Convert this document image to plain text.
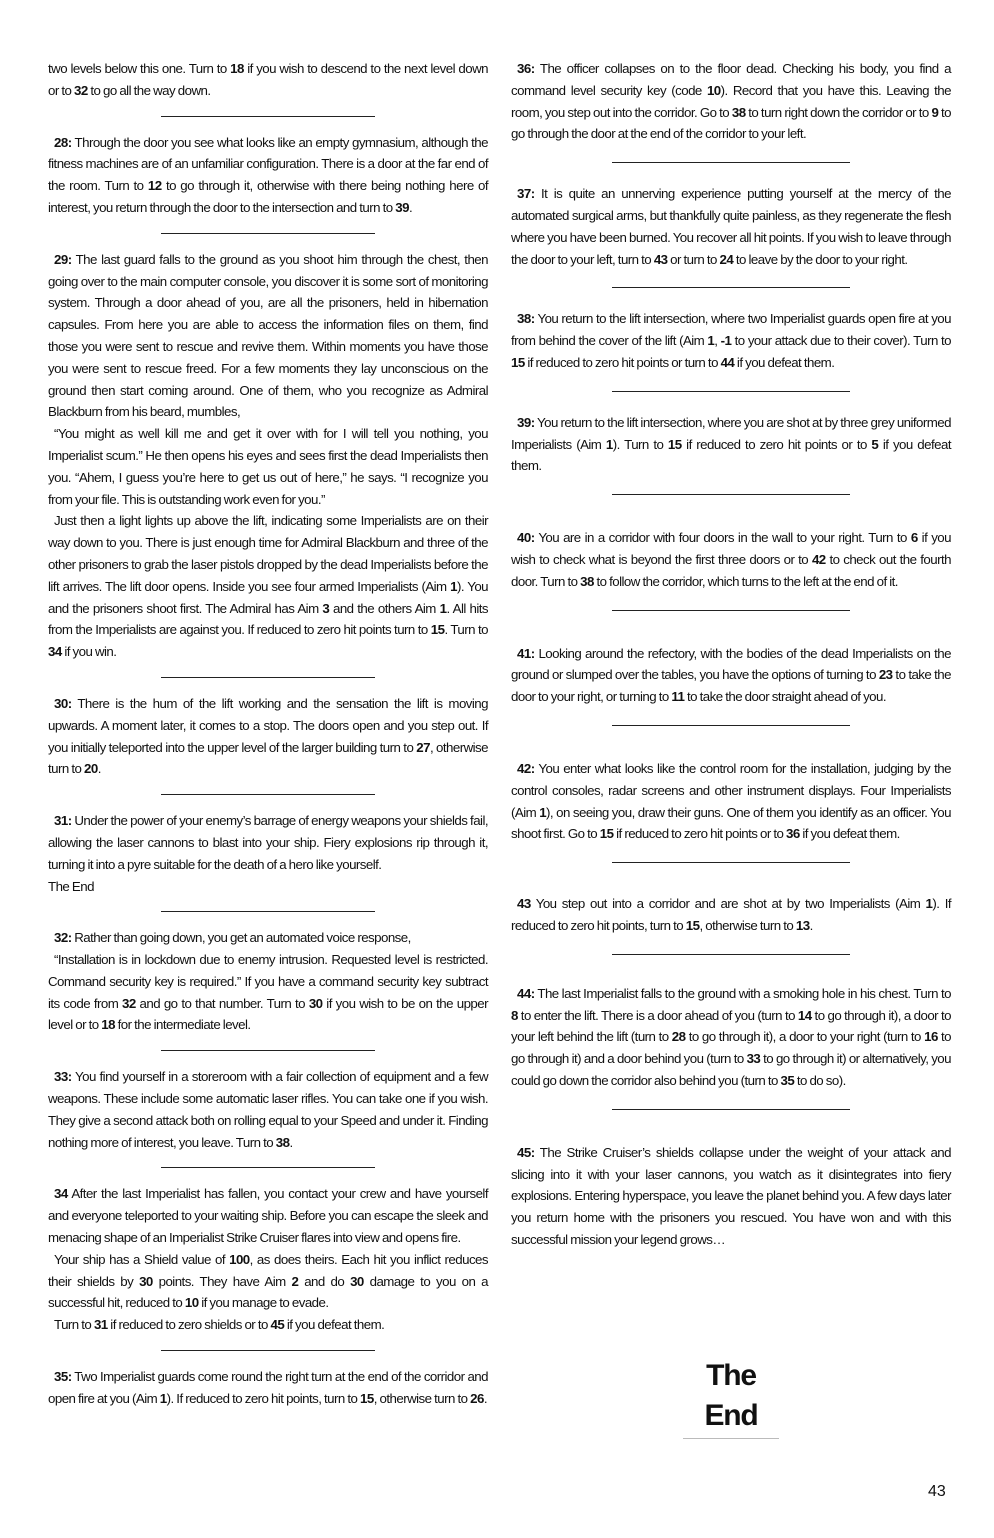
two levels below this one. Turn to 18 if you wish to descend to the next level down or to 32 to go all the way down.

28: Through the door you see what looks like an empty gymnasium, although the fitness machines are of an unfamiliar configuration. There is a door at the far end of the room. Turn to 12 to go through it, otherwise with there being nothing here of interest, you return through the door to the intersection and turn to 39.

29: The last guard falls to the ground as you shoot him through the chest, then going over to the main computer console, you discover it is some sort of monitoring system. Through a door ahead of you, are all the prisoners, held in hibernation capsules. From here you are able to access the information files on them, find those you were sent to rescue and revive them. Within moments you have those you were sent to rescue freed. For a few moments they lay unconscious on the ground then start coming around. One of them, who you recognize as Admiral Blackburn from his beard, mumbles,

“You might as well kill me and get it over with for I will tell you nothing, you Imperialist scum.” He then opens his eyes and sees first the dead Imperialists then you. “Ahem, I guess you’re here to get us out of here,” he says. “I recognize you from your file. This is outstanding work even for you.”

Just then a light lights up above the lift, indicating some Imperialists are on their way down to you. There is just enough time for Admiral Blackburn and three of the other prisoners to grab the laser pistols dropped by the dead Imperialists before the lift arrives. The lift door opens. Inside you see four armed Imperialists (Aim 1). You and the prisoners shoot first. The Admiral has Aim 3 and the others Aim 1. All hits from the Imperialists are against you. If reduced to zero hit points turn to 15. Turn to 34 if you win.

30: There is the hum of the lift working and the sensation the lift is moving upwards. A moment later, it comes to a stop. The doors open and you step out. If you initially teleported into the upper level of the larger building turn to 27, otherwise turn to 20.

31: Under the power of your enemy’s barrage of energy weapons your shields fail, allowing the laser cannons to blast into your ship. Fiery explosions rip through it, turning it into a pyre suitable for the death of a hero like yourself.

The End

32: Rather than going down, you get an automated voice response,

“Installation is in lockdown due to enemy intrusion. Requested level is restricted. Command security key is required.” If you have a command security key subtract its code from 32 and go to that number. Turn to 30 if you wish to be on the upper level or to 18 for the intermediate level.

33: You find yourself in a storeroom with a fair collection of equipment and a few weapons. These include some automatic laser rifles. You can take one if you wish. They give a second attack both on rolling equal to your Speed and under it. Finding nothing more of interest, you leave. Turn to 38.

34 After the last Imperialist has fallen, you contact your crew and have yourself and everyone teleported to your waiting ship. Before you can escape the sleek and menacing shape of an Imperialist Strike Cruiser flares into view and opens fire.

Your ship has a Shield value of 100, as does theirs. Each hit you inflict reduces their shields by 30 points. They have Aim 2 and do 30 damage to you on a successful hit, reduced to 10 if you manage to evade.

Turn to 31 if reduced to zero shields or to 45 if you defeat them.

35: Two Imperialist guards come round the right turn at the end of the corridor and open fire at you (Aim 1). If reduced to zero hit points, turn to 15, otherwise turn to 26.

36: The officer collapses on to the floor dead. Checking his body, you find a command level security key (code 10). Record that you have this. Leaving the room, you step out into the corridor. Go to 38 to turn right down the corridor or to 9 to go through the door at the end of the corridor to your left.

37: It is quite an unnerving experience putting yourself at the mercy of the automated surgical arms, but thankfully quite painless, as they regenerate the flesh where you have been burned. You recover all hit points. If you wish to leave through the door to your left, turn to 43 or turn to 24 to leave by the door to your right.

38: You return to the lift intersection, where two Imperialist guards open fire at you from behind the cover of the lift (Aim 1, -1 to your attack due to their cover). Turn to 15 if reduced to zero hit points or turn to 44 if you defeat them.

39: You return to the lift intersection, where you are shot at by three grey uniformed Imperialists (Aim 1). Turn to 15 if reduced to zero hit points or to 5 if you defeat them.

40: You are in a corridor with four doors in the wall to your right. Turn to 6 if you wish to check what is beyond the first three doors or to 42 to check out the fourth door. Turn to 38 to follow the corridor, which turns to the left at the end of it.

41: Looking around the refectory, with the bodies of the dead Imperialists on the ground or slumped over the tables, you have the options of turning to 23 to take the door to your right, or turning to 11 to take the door straight ahead of you.

42: You enter what looks like the control room for the installation, judging by the control consoles, radar screens and other instrument displays. Four Imperialists (Aim 1), on seeing you, draw their guns. One of them you identify as an officer. You shoot first. Go to 15 if reduced to zero hit points or to 36 if you defeat them.

43 You step out into a corridor and are shot at by two Imperialists (Aim 1). If reduced to zero hit points, turn to 15, otherwise turn to 13.

44: The last Imperialist falls to the ground with a smoking hole in his chest. Turn to 8 to enter the lift. There is a door ahead of you (turn to 14 to go through it), a door to your left behind the lift (turn to 28 to go through it), a door to your right (turn to 16 to go through it) and a door behind you (turn to 33 to go through it) or alternatively, you could go down the corridor also behind you (turn to 35 to do so).

45: The Strike Cruiser’s shields collapse under the weight of your attack and slicing into it with your laser cannons, you watch as it disintegrates into fiery explosions. Entering hyperspace, you leave the planet behind you. A few days later you return home with the prisoners you rescued. You have won and with this successful mission your legend grows…

The End
43
